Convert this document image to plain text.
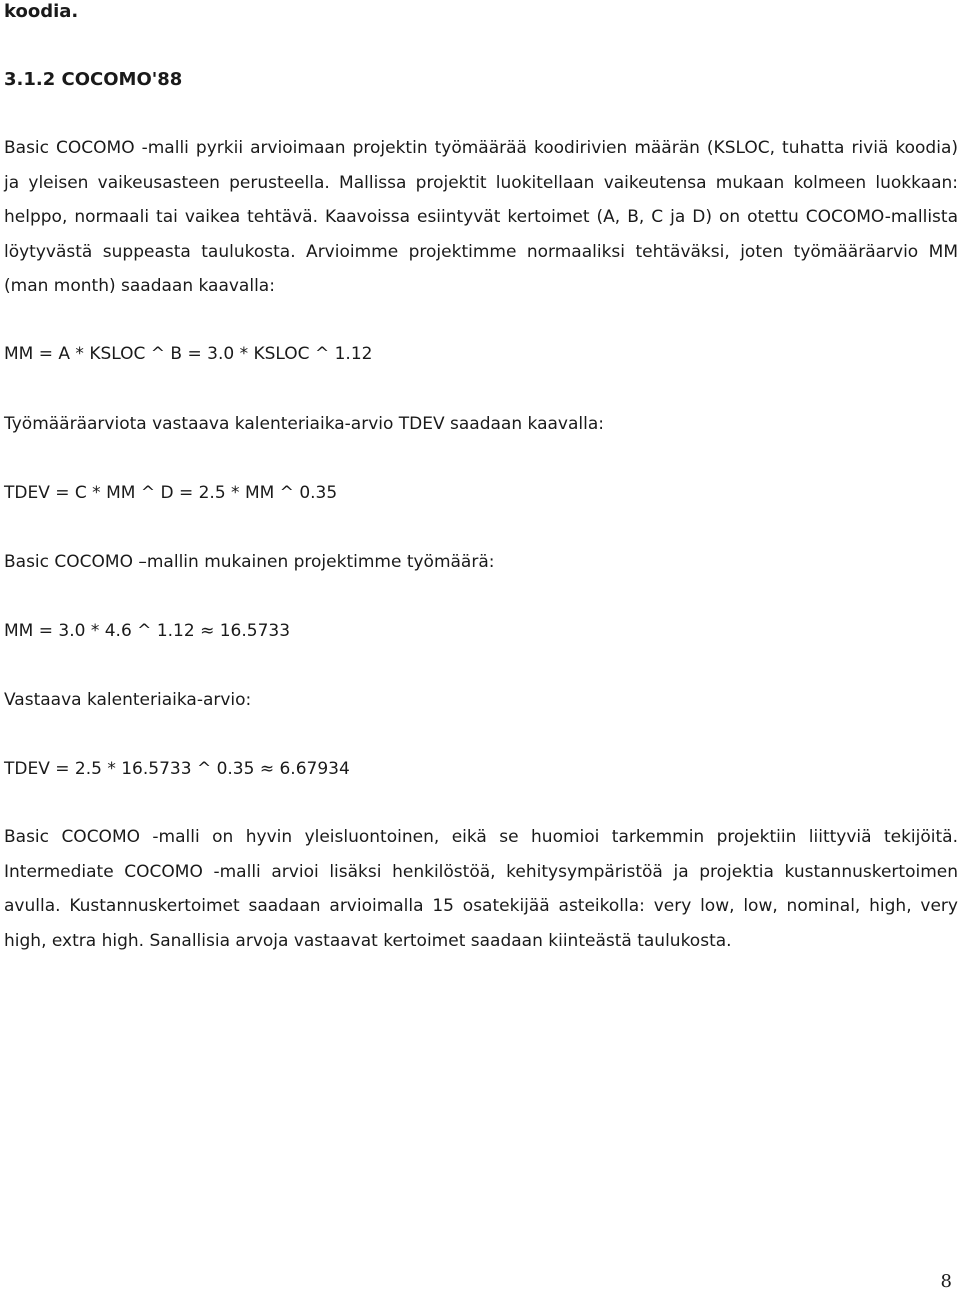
koodia.

3.1.2 COCOMO'88

Basic COCOMO -malli pyrkii arvioimaan projektin työmäärää koodirivien määrän (KSLOC, tuhatta riviä koodia) ja yleisen vaikeusasteen perusteella. Mallissa projektit luokitellaan vaikeutensa mukaan kolmeen luokkaan: helppo, normaali tai vaikea tehtävä. Kaavoissa esiintyvät kertoimet (A, B, C ja D) on otettu COCOMO-mallista löytyvästä suppeasta taulukosta. Arvioimme projektimme normaaliksi tehtäväksi, joten työmääräarvio MM (man month) saadaan kaavalla:

MM = A * KSLOC ^ B = 3.0 * KSLOC ^ 1.12

Työmääräarviota vastaava kalenteriaika-arvio TDEV saadaan kaavalla:

TDEV = C * MM ^ D = 2.5 * MM ^ 0.35

Basic COCOMO –mallin mukainen projektimme työmäärä:

MM = 3.0 * 4.6 ^ 1.12 ≈ 16.5733

Vastaava kalenteriaika-arvio:

TDEV = 2.5 * 16.5733 ^ 0.35 ≈ 6.67934

Basic COCOMO -malli on hyvin yleisluontoinen, eikä se huomioi tarkemmin projektiin liittyviä tekijöitä. Intermediate COCOMO -malli arvioi lisäksi henkilöstöä, kehitysympäristöä ja projektia kustannuskertoimen avulla. Kustannuskertoimet saadaan arvioimalla 15 osatekijää asteikolla: very low, low, nominal, high, very high, extra high. Sanallisia arvoja vastaavat kertoimet saadaan kiinteästä taulukosta.

8
